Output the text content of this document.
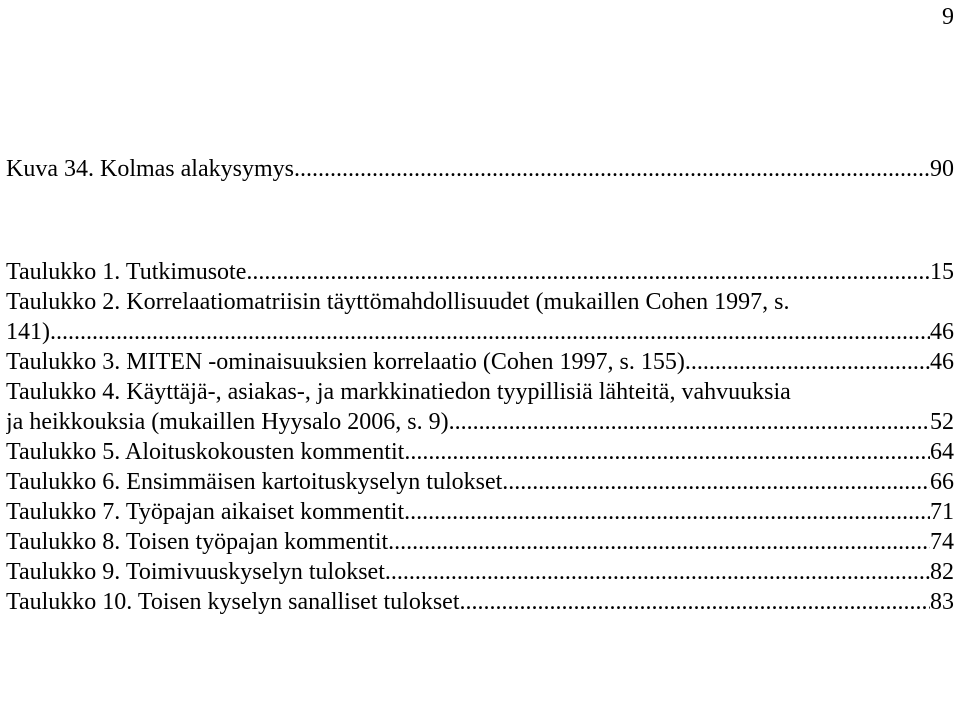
9
Kuva 34. Kolmas alakysymys .....	90
Taulukko 1. Tutkimusote .....	15
Taulukko 2. Korrelaatiomatriisin täyttömahdollisuudet (mukaillen Cohen 1997, s.
141) .....	46
Taulukko 3. MITEN -ominaisuuksien korrelaatio (Cohen 1997, s. 155) .....	46
Taulukko 4. Käyttäjä-, asiakas-, ja markkinatiedon tyypillisiä lähteitä, vahvuuksia
ja heikkouksia (mukaillen Hyysalo 2006, s. 9) .....	52
Taulukko 5. Aloituskokousten kommentit .....	64
Taulukko 6. Ensimmäisen kartoituskyselyn tulokset .....	66
Taulukko 7. Työpajan aikaiset kommentit .....	71
Taulukko 8. Toisen työpajan kommentit .....	74
Taulukko 9. Toimivuuskyselyn tulokset .....	82
Taulukko 10. Toisen kyselyn sanalliset tulokset .....	83
